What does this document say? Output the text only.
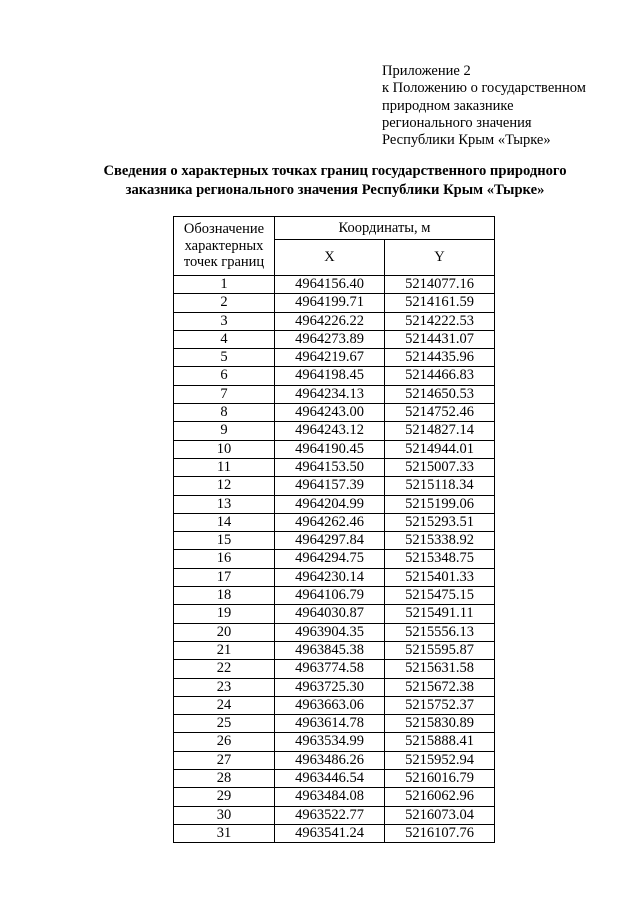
Приложение 2
к Положению о государственном
природном заказнике
регионального значения
Республики Крым «Тырке»
Сведения о характерных точках границ государственного природного
заказника регионального значения Республики Крым «Тырке»
Обозначение
характерных
точек границ	Координаты, м	
	X	Y
1	4964156.40	5214077.16
2	4964199.71	5214161.59
3	4964226.22	5214222.53
4	4964273.89	5214431.07
5	4964219.67	5214435.96
6	4964198.45	5214466.83
7	4964234.13	5214650.53
8	4964243.00	5214752.46
9	4964243.12	5214827.14
10	4964190.45	5214944.01
11	4964153.50	5215007.33
12	4964157.39	5215118.34
13	4964204.99	5215199.06
14	4964262.46	5215293.51
15	4964297.84	5215338.92
16	4964294.75	5215348.75
17	4964230.14	5215401.33
18	4964106.79	5215475.15
19	4964030.87	5215491.11
20	4963904.35	5215556.13
21	4963845.38	5215595.87
22	4963774.58	5215631.58
23	4963725.30	5215672.38
24	4963663.06	5215752.37
25	4963614.78	5215830.89
26	4963534.99	5215888.41
27	4963486.26	5215952.94
28	4963446.54	5216016.79
29	4963484.08	5216062.96
30	4963522.77	5216073.04
31	4963541.24	5216107.76
